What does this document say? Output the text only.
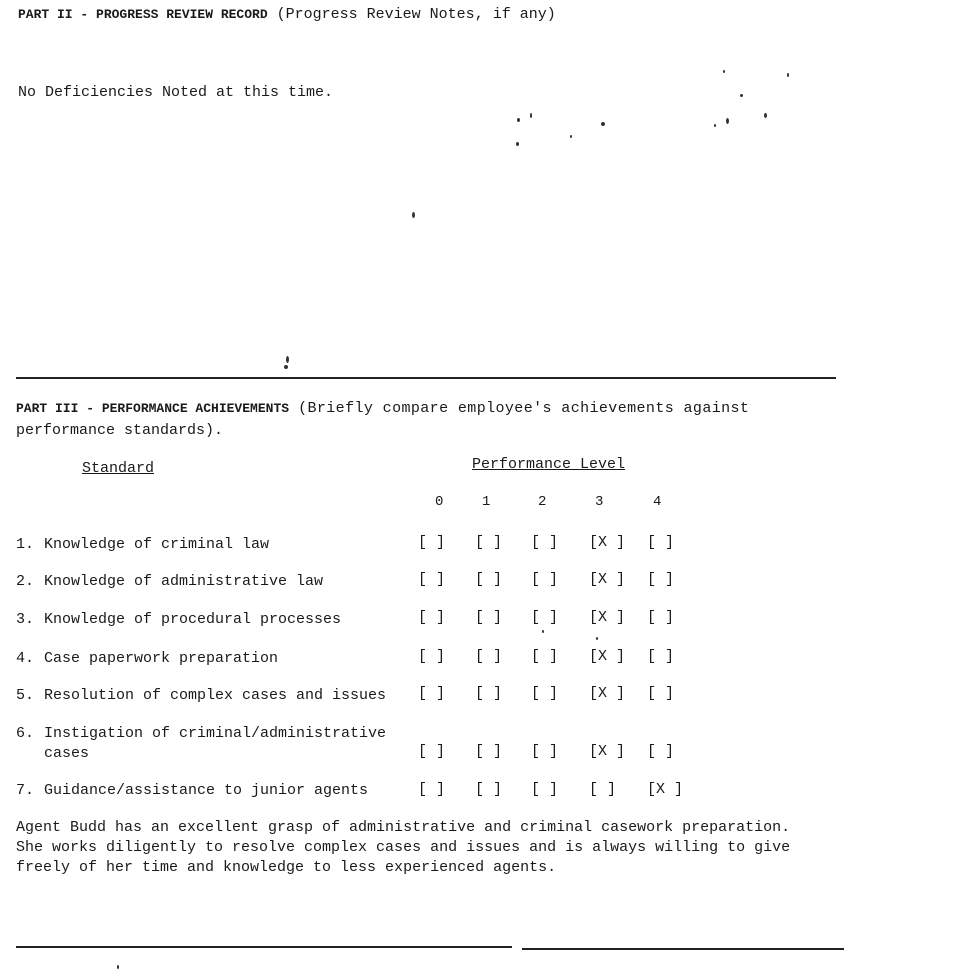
PART II - PROGRESS REVIEW RECORD (Progress Review Notes, if any)
No Deficiencies Noted at this time.
PART III - PERFORMANCE ACHIEVEMENTS (Briefly compare employee's achievements against
performance standards).
Standard	Performance Level
0	1	2	3	4
1. Knowledge of criminal law	[ ] [ ] [ ] [X ] [ ]
2. Knowledge of administrative law	[ ] [ ] [ ] [X ] [ ]
3. Knowledge of procedural processes	[ ] [ ] [ ] [X ] [ ]
4. Case paperwork preparation	[ ] [ ] [ ] [X ] [ ]
5. Resolution of complex cases and issues [ ] [ ] [ ] [X ] [ ]
6. Instigation of criminal/administrative
cases	[ ] [ ] [ ] [X ] [ ]
7. Guidance/assistance to junior agents	[ ] [ ] [ ] [ ] [X ]
Agent Budd has an excellent grasp of administrative and criminal casework preparation.
She works diligently to resolve complex cases and issues and is always willing to give
freely of her time and knowledge to less experienced agents.
